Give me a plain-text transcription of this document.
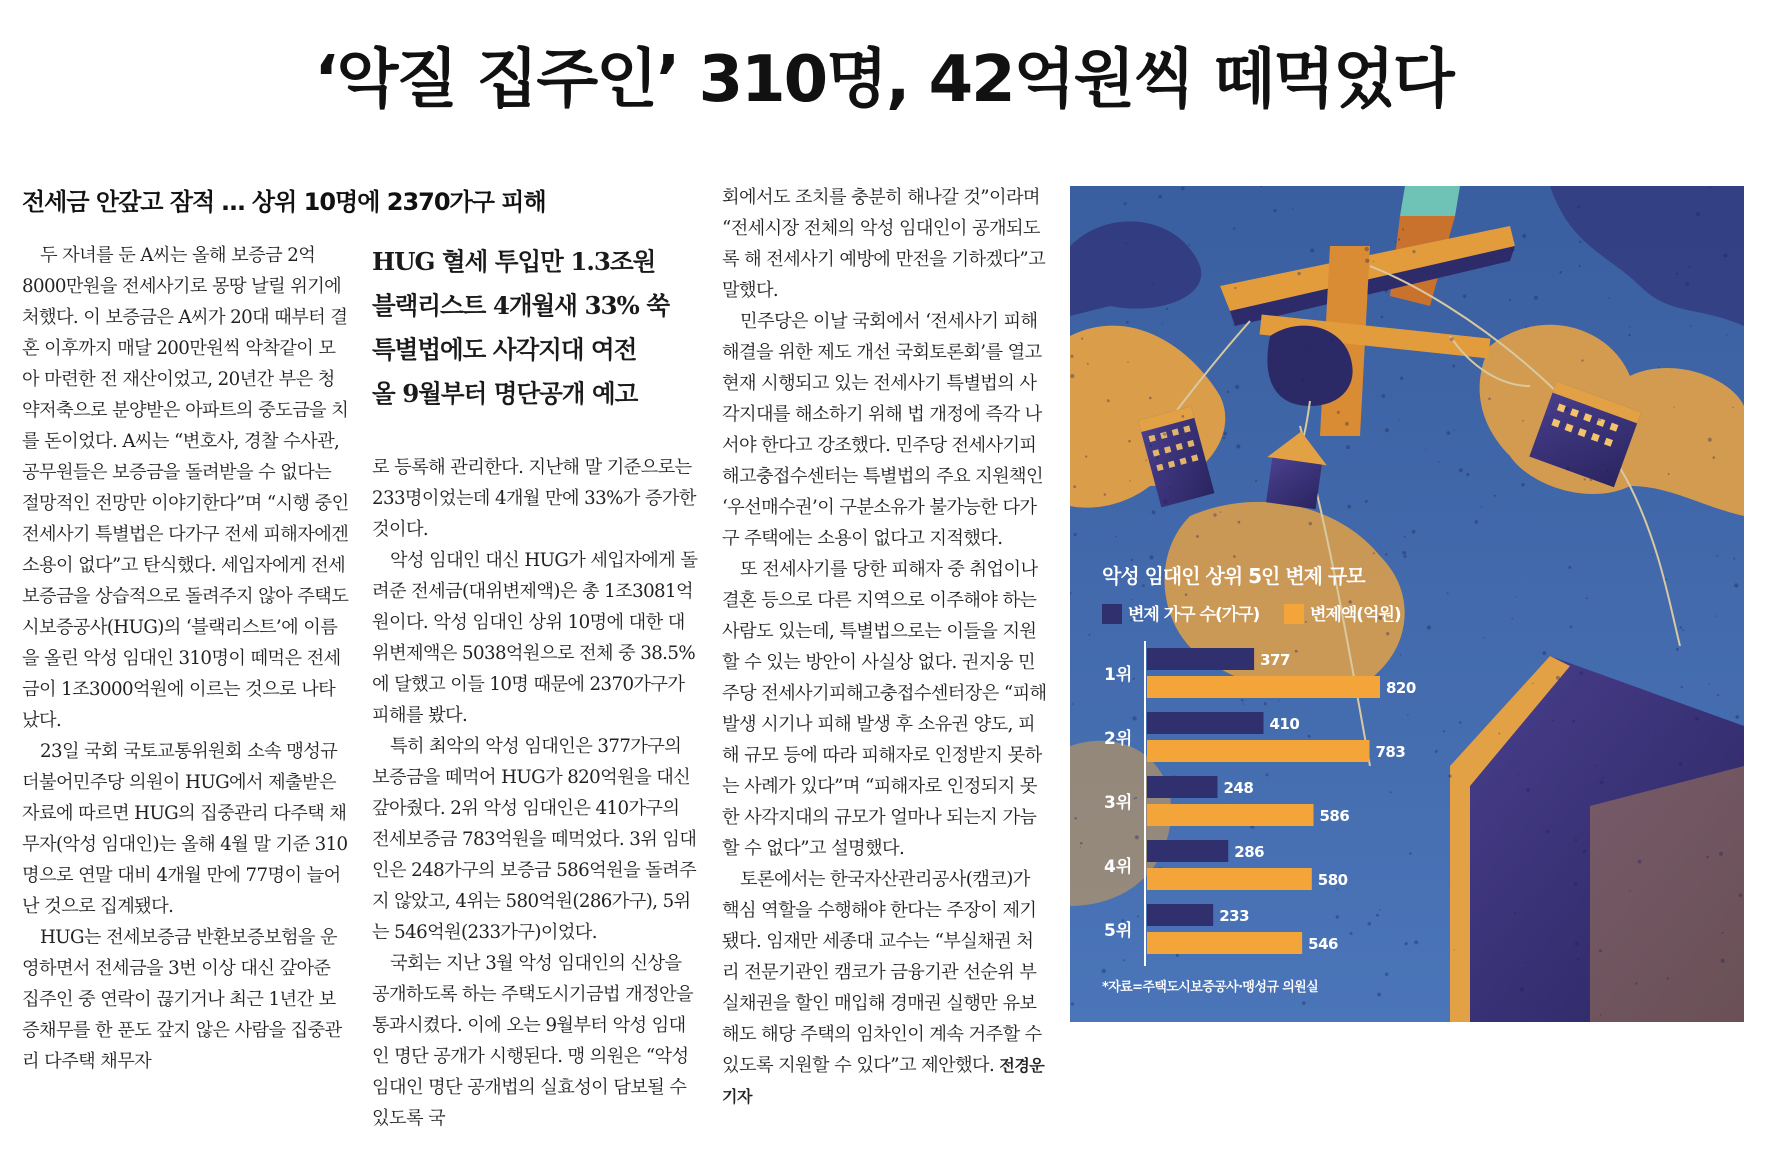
‘악질 집주인’ 310명, 42억원씩 떼먹었다
전세금 안갚고 잠적 … 상위 10명에 2370가구 피해

두 자녀를 둔 A씨는 올해 보증금 2억8000만원을 전세사기로 몽땅 날릴 위기에 처했다. 이 보증금은 A씨가 20대 때부터 결혼 이후까지 매달 200만원씩 악착같이 모아 마련한 전 재산이었고, 20년간 부은 청약저축으로 분양받은 아파트의 중도금을 치를 돈이었다. A씨는 “변호사, 경찰 수사관, 공무원들은 보증금을 돌려받을 수 없다는 절망적인 전망만 이야기한다”며 “시행 중인 전세사기 특별법은 다가구 전세 피해자에겐 소용이 없다”고 탄식했다. 세입자에게 전세보증금을 상습적으로 돌려주지 않아 주택도시보증공사(HUG)의 ‘블랙리스트’에 이름을 올린 악성 임대인 310명이 떼먹은 전세금이 1조3000억원에 이르는 것으로 나타났다.

23일 국회 국토교통위원회 소속 맹성규 더불어민주당 의원이 HUG에서 제출받은 자료에 따르면 HUG의 집중관리 다주택 채무자(악성 임대인)는 올해 4월 말 기준 310명으로 연말 대비 4개월 만에 77명이 늘어난 것으로 집계됐다.

HUG는 전세보증금 반환보증보험을 운영하면서 전세금을 3번 이상 대신 갚아준 집주인 중 연락이 끊기거나 최근 1년간 보증채무를 한 푼도 갚지 않은 사람을 집중관리 다주택 채무자

HUG 혈세 투입만 1.3조원
블랙리스트 4개월새 33% 쑥
특별법에도 사각지대 여전
올 9월부터 명단공개 예고

로 등록해 관리한다. 지난해 말 기준으로는 233명이었는데 4개월 만에 33%가 증가한 것이다.

악성 임대인 대신 HUG가 세입자에게 돌려준 전세금(대위변제액)은 총 1조3081억원이다. 악성 임대인 상위 10명에 대한 대위변제액은 5038억원으로 전체 중 38.5%에 달했고 이들 10명 때문에 2370가구가 피해를 봤다.

특히 최악의 악성 임대인은 377가구의 보증금을 떼먹어 HUG가 820억원을 대신 갚아줬다. 2위 악성 임대인은 410가구의 전세보증금 783억원을 떼먹었다. 3위 임대인은 248가구의 보증금 586억원을 돌려주지 않았고, 4위는 580억원(286가구), 5위는 546억원(233가구)이었다.

국회는 지난 3월 악성 임대인의 신상을 공개하도록 하는 주택도시기금법 개정안을 통과시켰다. 이에 오는 9월부터 악성 임대인 명단 공개가 시행된다. 맹 의원은 “악성 임대인 명단 공개법의 실효성이 담보될 수 있도록 국

회에서도 조치를 충분히 해나갈 것”이라며 “전세시장 전체의 악성 임대인이 공개되도록 해 전세사기 예방에 만전을 기하겠다”고 말했다.

민주당은 이날 국회에서 ‘전세사기 피해 해결을 위한 제도 개선 국회토론회’를 열고 현재 시행되고 있는 전세사기 특별법의 사각지대를 해소하기 위해 법 개정에 즉각 나서야 한다고 강조했다. 민주당 전세사기피해고충접수센터는 특별법의 주요 지원책인 ‘우선매수권’이 구분소유가 불가능한 다가구 주택에는 소용이 없다고 지적했다.

또 전세사기를 당한 피해자 중 취업이나 결혼 등으로 다른 지역으로 이주해야 하는 사람도 있는데, 특별법으로는 이들을 지원할 수 있는 방안이 사실상 없다. 권지웅 민주당 전세사기피해고충접수센터장은 “피해 발생 시기나 피해 발생 후 소유권 양도, 피해 규모 등에 따라 피해자로 인정받지 못하는 사례가 있다”며 “피해자로 인정되지 못한 사각지대의 규모가 얼마나 되는지 가늠할 수 없다”고 설명했다.

토론에서는 한국자산관리공사(캠코)가 핵심 역할을 수행해야 한다는 주장이 제기됐다. 임재만 세종대 교수는 “부실채권 처리 전문기관인 캠코가 금융기관 선순위 부실채권을 할인 매입해 경매권 실행만 유보해도 해당 주택의 임차인이 계속 거주할 수 있도록 지원할 수 있다”고 제안했다. 전경운 기자

악성 임대인 상위 5인 변제 규모
변제 가구 수(가구)	변제액(억원)
1위
377
820
2위
410
783
3위
248
586
4위
286
580
5위
233
546
*자료=주택도시보증공사·맹성규 의원실
